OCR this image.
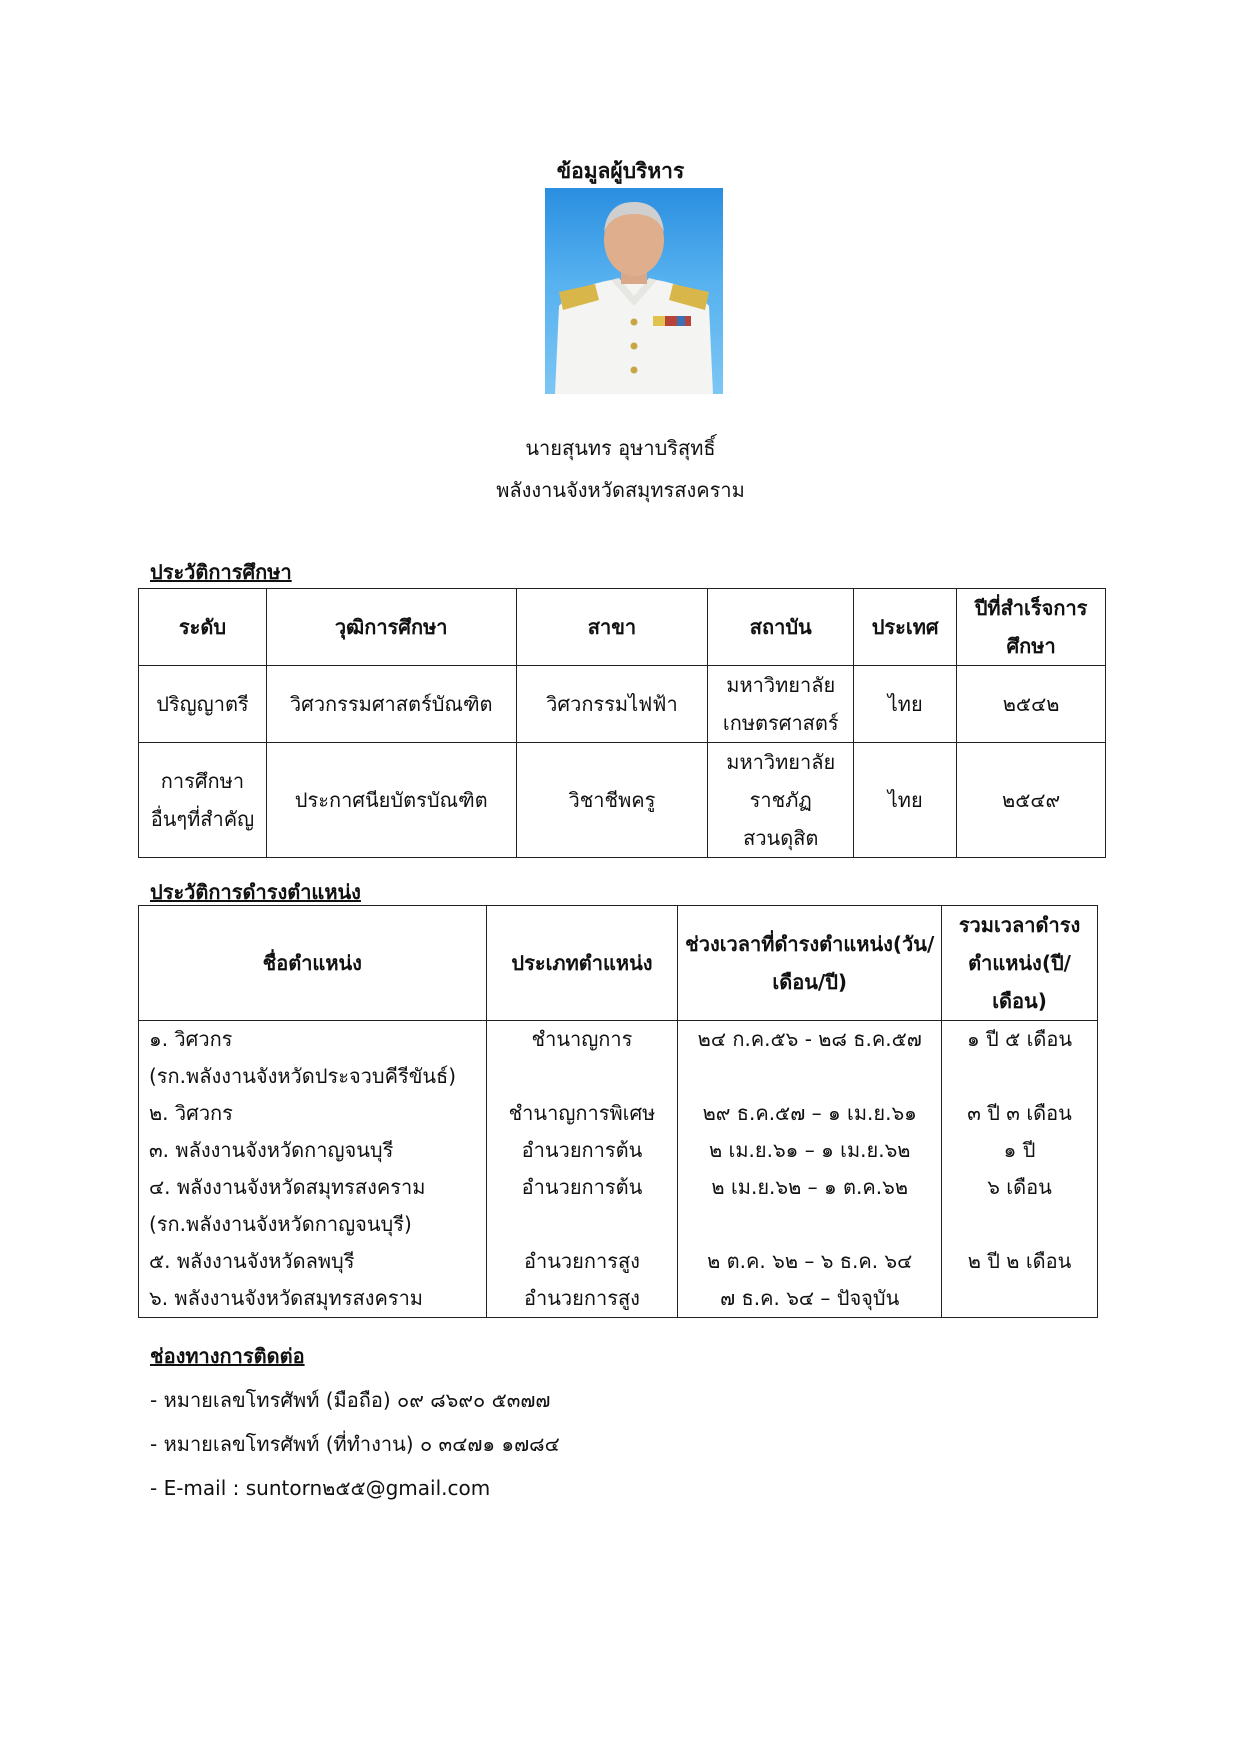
ข้อมูลผู้บริหาร
นายสุนทร อุษาบริสุทธิ์
พลังงานจังหวัดสมุทรสงคราม
ประวัติการศึกษา
ระดับ	วุฒิการศึกษา	สาขา	สถาบัน	ประเทศ	ปีที่สำเร็จการศึกษา
ปริญญาตรี	วิศวกรรมศาสตร์บัณฑิต	วิศวกรรมไฟฟ้า	มหาวิทยาลัยเกษตรศาสตร์	ไทย	๒๕๔๒
การศึกษาอื่นๆที่สำคัญ	ประกาศนียบัตรบัณฑิต	วิชาชีพครู	มหาวิทยาลัยราชภัฏสวนดุสิต	ไทย	๒๕๔๙
ประวัติการดำรงตำแหน่ง
ชื่อตำแหน่ง	ประเภทตำแหน่ง	ช่วงเวลาที่ดำรงตำแหน่ง(วัน/เดือน/ปี)	รวมเวลาดำรงตำแหน่ง(ปี/เดือน)
๑. วิศวกร	ชำนาญการ	๒๔ ก.ค.๕๖ - ๒๘ ธ.ค.๕๗	๑ ปี ๕ เดือน
(รก.พลังงานจังหวัดประจวบคีรีขันธ์)			
๒. วิศวกร	ชำนาญการพิเศษ	๒๙ ธ.ค.๕๗ – ๑ เม.ย.๖๑	๓ ปี ๓ เดือน
๓. พลังงานจังหวัดกาญจนบุรี	อำนวยการต้น	๒ เม.ย.๖๑ – ๑ เม.ย.๖๒	๑ ปี
๔. พลังงานจังหวัดสมุทรสงคราม	อำนวยการต้น	๒ เม.ย.๖๒ – ๑ ต.ค.๖๒	๖ เดือน
(รก.พลังงานจังหวัดกาญจนบุรี)			
๕. พลังงานจังหวัดลพบุรี	อำนวยการสูง	๒ ต.ค. ๖๒ – ๖ ธ.ค. ๖๔	๒ ปี ๒ เดือน
๖. พลังงานจังหวัดสมุทรสงคราม	อำนวยการสูง	๗ ธ.ค. ๖๔ – ปัจจุบัน	
ช่องทางการติดต่อ
- หมายเลขโทรศัพท์ (มือถือ) ๐๙ ๘๖๙๐ ๕๓๗๗
- หมายเลขโทรศัพท์ (ที่ทำงาน) ๐ ๓๔๗๑ ๑๗๘๔
- E-mail : suntorn๒๕๕@gmail.com
